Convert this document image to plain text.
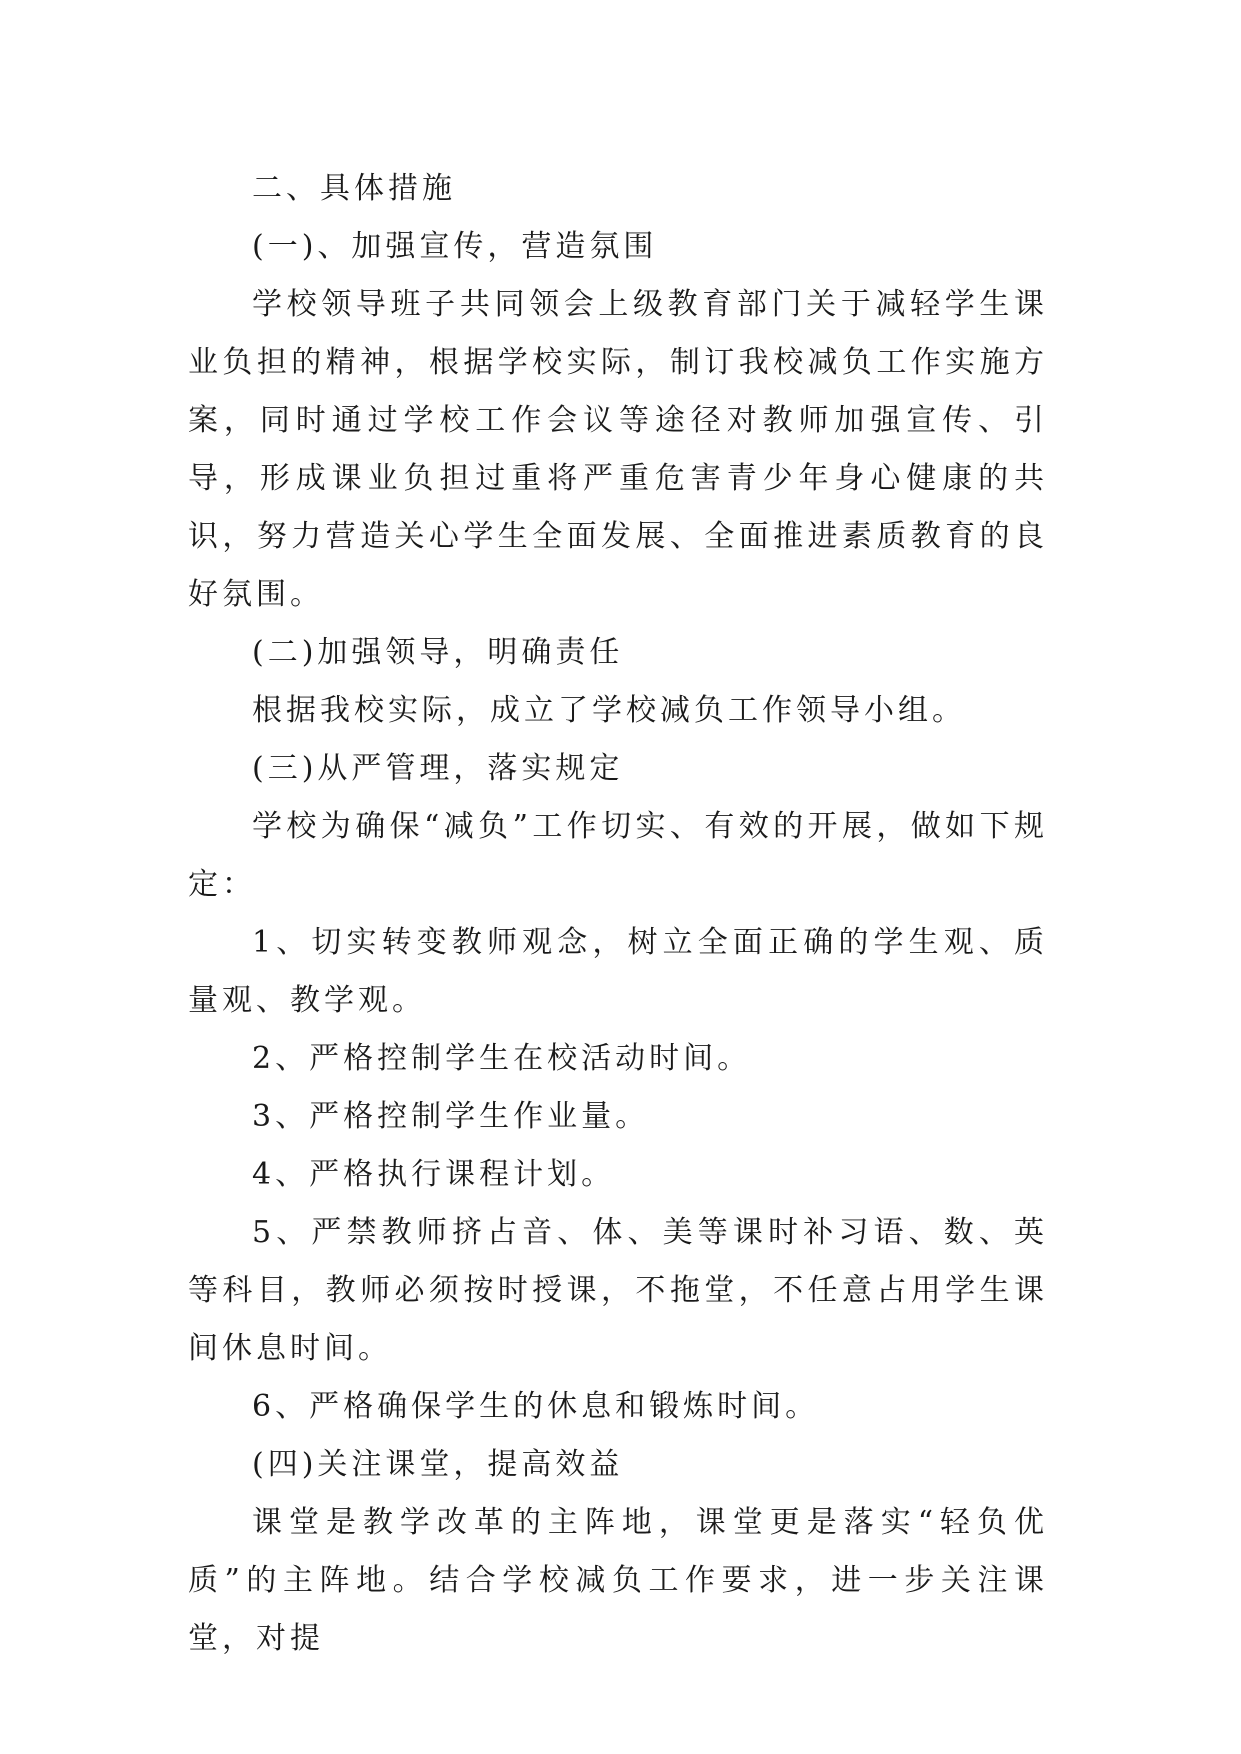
二、具体措施

(一)、加强宣传，营造氛围

学校领导班子共同领会上级教育部门关于减轻学生课业负担的精神，根据学校实际，制订我校减负工作实施方案，同时通过学校工作会议等途径对教师加强宣传、引导，形成课业负担过重将严重危害青少年身心健康的共识，努力营造关心学生全面发展、全面推进素质教育的良好氛围。

(二)加强领导，明确责任

根据我校实际，成立了学校减负工作领导小组。

(三)从严管理，落实规定

学校为确保“减负”工作切实、有效的开展，做如下规定：

1、切实转变教师观念，树立全面正确的学生观、质量观、教学观。

2、严格控制学生在校活动时间。

3、严格控制学生作业量。

4、严格执行课程计划。

5、严禁教师挤占音、体、美等课时补习语、数、英等科目，教师必须按时授课，不拖堂，不任意占用学生课间休息时间。

6、严格确保学生的休息和锻炼时间。

(四)关注课堂，提高效益

课堂是教学改革的主阵地，课堂更是落实“轻负优质”的主阵地。结合学校减负工作要求，进一步关注课堂，对提
